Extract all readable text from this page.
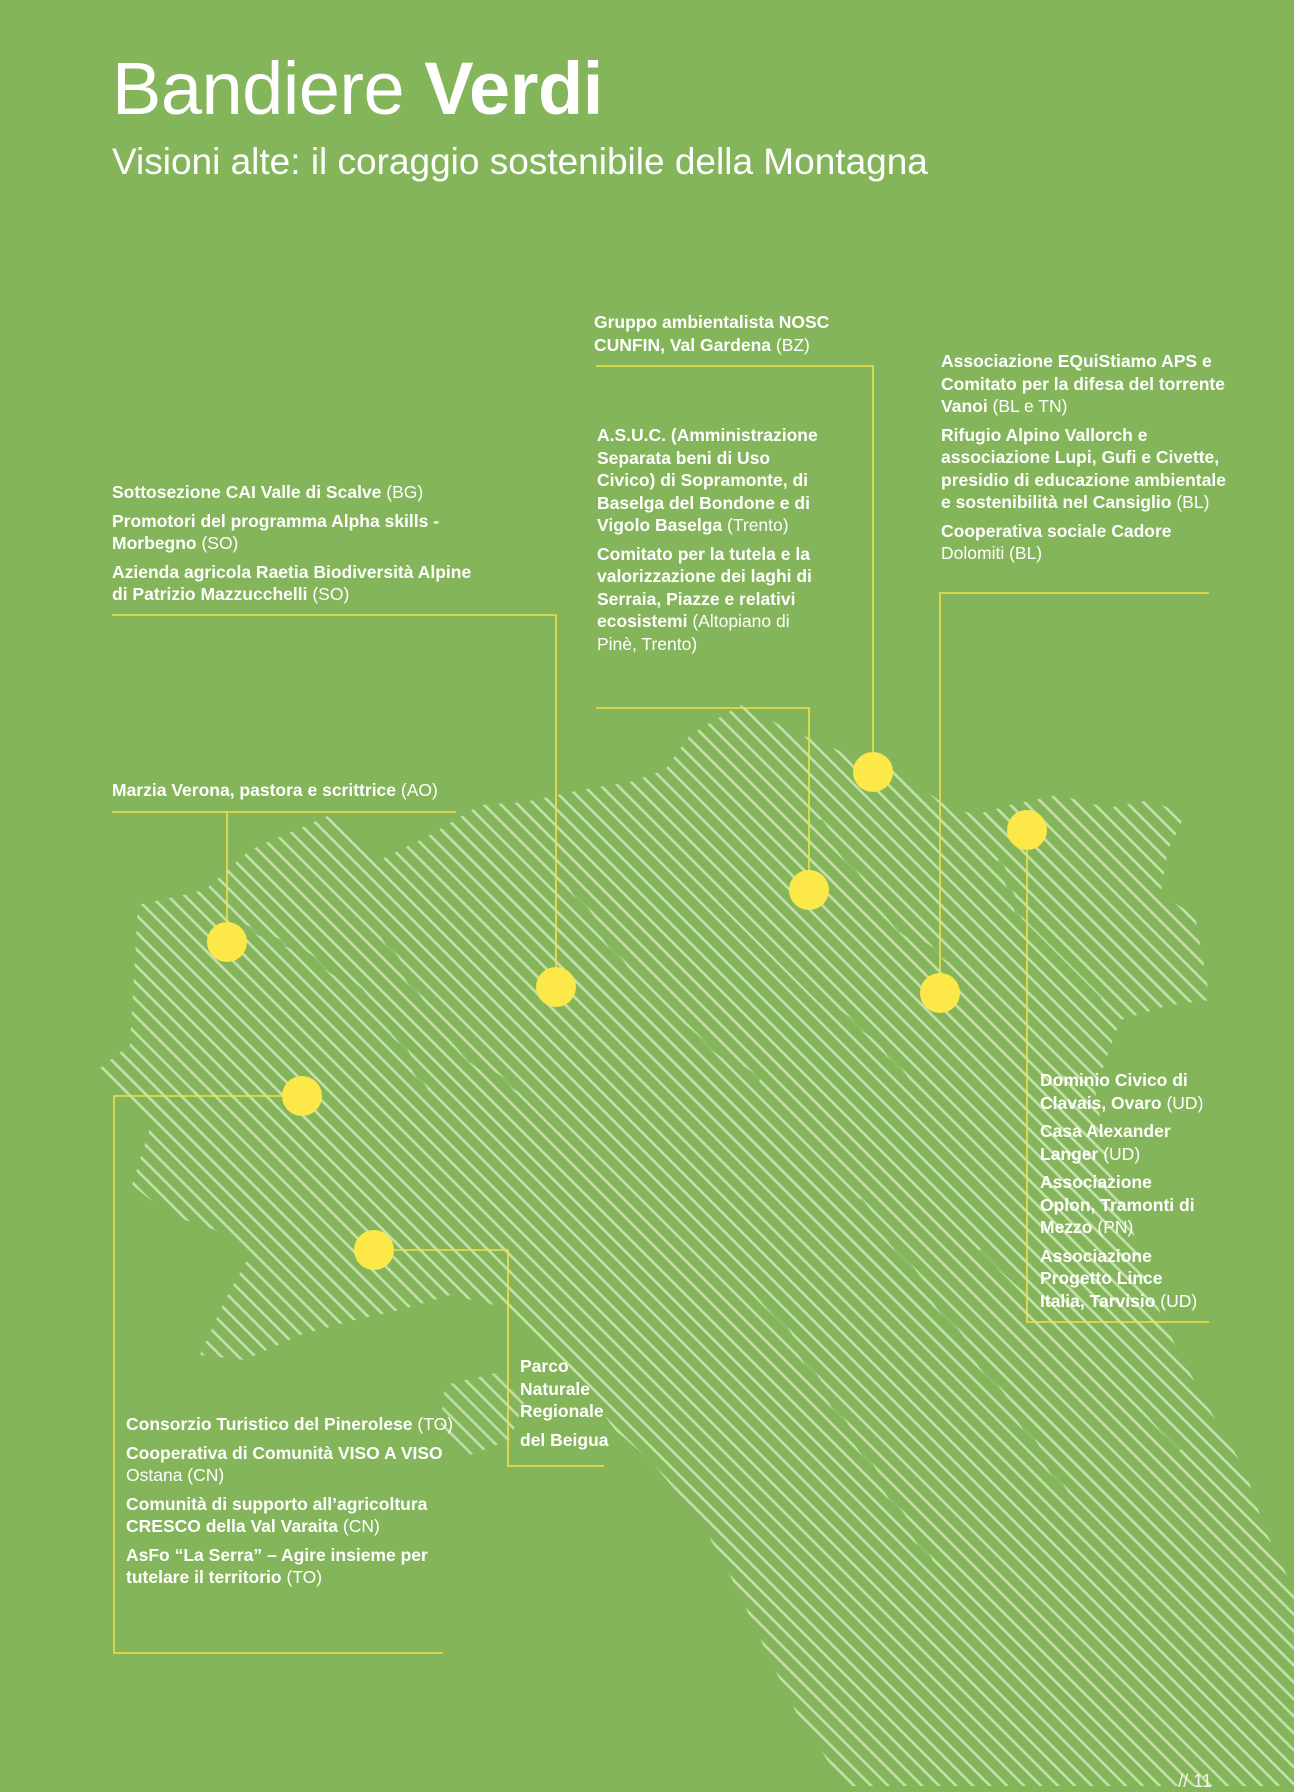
Bandiere Verdi
Visioni alte: il coraggio sostenibile della Montagna
Gruppo ambientalista NOSC CUNFIN, Val Gardena (BZ)
A.S.U.C. (Amministrazione Separata beni di Uso Civico) di Sopramonte, di Baselga del Bondone e di Vigolo Baselga (Trento)
Comitato per la tutela e la valorizzazione dei laghi di Serraia, Piazze e relativi ecosistemi (Altopiano di Pinè, Trento)
Associazione EQuiStiamo APS e Comitato per la difesa del torrente Vanoi (BL e TN)
Rifugio Alpino Vallorch e associazione Lupi, Gufi e Civette, presidio di educazione ambientale e sostenibilità nel Cansiglio (BL)
Cooperativa sociale Cadore Dolomiti (BL)
Sottosezione CAI Valle di Scalve (BG)
Promotori del programma Alpha skills - Morbegno (SO)
Azienda agricola Raetia Biodiversità Alpine di Patrizio Mazzucchelli (SO)
Marzia Verona, pastora e scrittrice (AO)
Dominio Civico di Clavais, Ovaro (UD)
Casa Alexander Langer (UD)
Associazione Oplon, Tramonti di Mezzo (PN)
Associazione Progetto Lince Italia, Tarvisio (UD)
Parco Naturale Regionale
del Beigua
Consorzio Turistico del Pinerolese (TO)
Cooperativa di Comunità VISO A VISO Ostana (CN)
Comunità di supporto all’agricoltura CRESCO della Val Varaita (CN)
AsFo “La Serra” – Agire insieme per tutelare il territorio (TO)
// 11
